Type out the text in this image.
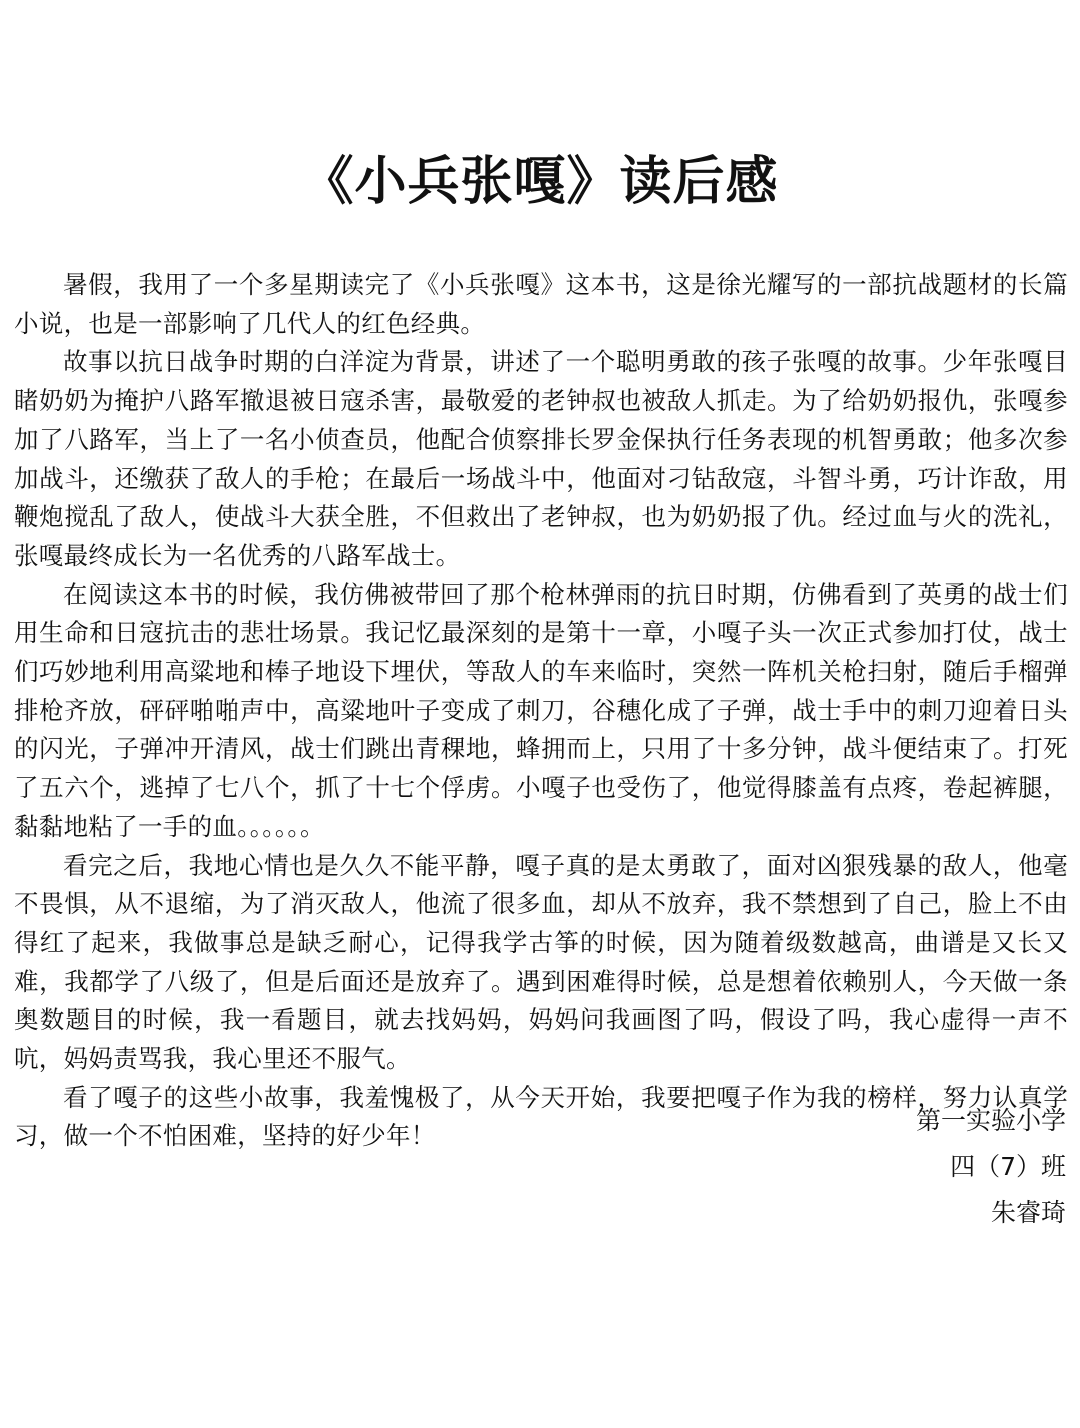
《小兵张嘎》读后感

暑假，我用了一个多星期读完了《小兵张嘎》这本书，这是徐光耀写的一部抗战题材的长篇小说，也是一部影响了几代人的红色经典。

故事以抗日战争时期的白洋淀为背景，讲述了一个聪明勇敢的孩子张嘎的故事。少年张嘎目睹奶奶为掩护八路军撤退被日寇杀害，最敬爱的老钟叔也被敌人抓走。为了给奶奶报仇，张嘎参加了八路军，当上了一名小侦查员，他配合侦察排长罗金保执行任务表现的机智勇敢；他多次参加战斗，还缴获了敌人的手枪；在最后一场战斗中，他面对刁钻敌寇，斗智斗勇，巧计诈敌，用鞭炮搅乱了敌人，使战斗大获全胜，不但救出了老钟叔，也为奶奶报了仇。经过血与火的洗礼，张嘎最终成长为一名优秀的八路军战士。

在阅读这本书的时候，我仿佛被带回了那个枪林弹雨的抗日时期，仿佛看到了英勇的战士们用生命和日寇抗击的悲壮场景。我记忆最深刻的是第十一章，小嘎子头一次正式参加打仗，战士们巧妙地利用高粱地和棒子地设下埋伏，等敌人的车来临时，突然一阵机关枪扫射，随后手榴弹排枪齐放，砰砰啪啪声中，高粱地叶子变成了刺刀，谷穗化成了子弹，战士手中的刺刀迎着日头的闪光，子弹冲开清风，战士们跳出青稞地，蜂拥而上，只用了十多分钟，战斗便结束了。打死了五六个，逃掉了七八个，抓了十七个俘虏。小嘎子也受伤了，他觉得膝盖有点疼，卷起裤腿，黏黏地粘了一手的血。。。。。。

看完之后，我地心情也是久久不能平静，嘎子真的是太勇敢了，面对凶狠残暴的敌人，他毫不畏惧，从不退缩，为了消灭敌人，他流了很多血，却从不放弃，我不禁想到了自己，脸上不由得红了起来，我做事总是缺乏耐心，记得我学古筝的时候，因为随着级数越高，曲谱是又长又难，我都学了八级了，但是后面还是放弃了。遇到困难得时候，总是想着依赖别人，今天做一条奥数题目的时候，我一看题目，就去找妈妈，妈妈问我画图了吗，假设了吗，我心虚得一声不吭，妈妈责骂我，我心里还不服气。

看了嘎子的这些小故事，我羞愧极了，从今天开始，我要把嘎子作为我的榜样，努力认真学习，做一个不怕困难，坚持的好少年！

第一实验小学
四（7）班
朱睿琦
